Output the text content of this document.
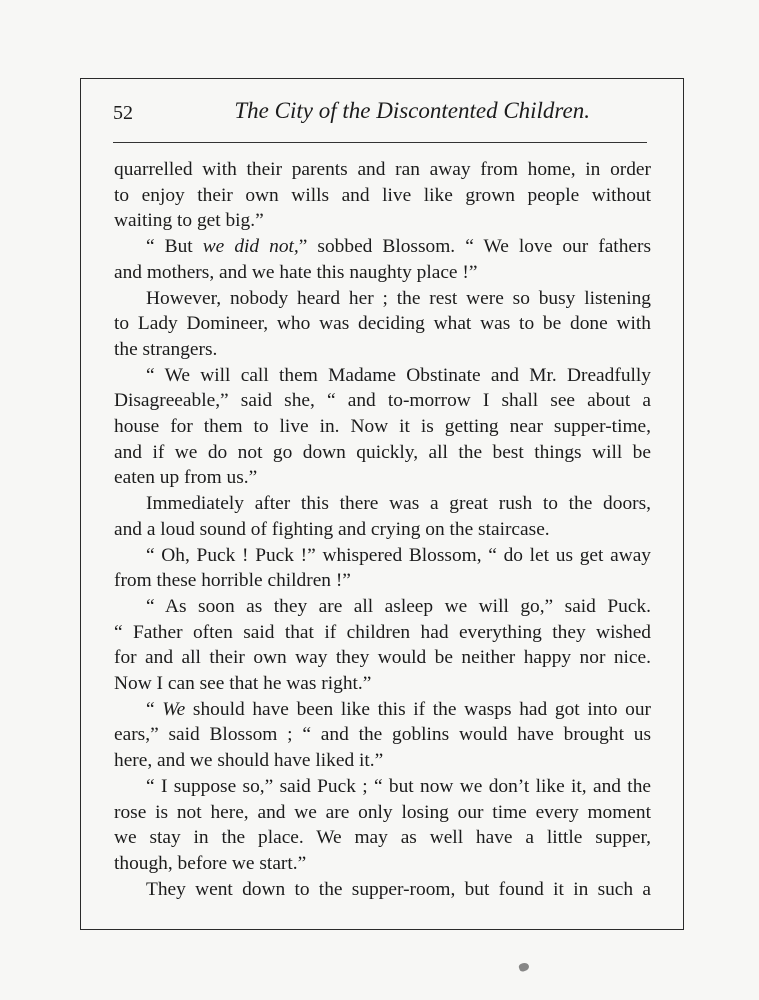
52	The City of the Discontented Children.

quarrelled with their parents and ran away from home, in order

to enjoy their own wills and live like grown people without

waiting to get big.”

“ But we did not,” sobbed Blossom. “ We love our fathers

and mothers, and we hate this naughty place !”

However, nobody heard her ; the rest were so busy listening

to Lady Domineer, who was deciding what was to be done with

the strangers.

“ We will call them Madame Obstinate and Mr. Dreadfully

Disagreeable,” said she, “ and to-morrow I shall see about a

house for them to live in. Now it is getting near supper-time,

and if we do not go down quickly, all the best things will be

eaten up from us.”

Immediately after this there was a great rush to the doors,

and a loud sound of fighting and crying on the staircase.

“ Oh, Puck ! Puck !” whispered Blossom, “ do let us get away

from these horrible children !”

“ As soon as they are all asleep we will go,” said Puck.

“ Father often said that if children had everything they wished

for and all their own way they would be neither happy nor nice.

Now I can see that he was right.”

“ We should have been like this if the wasps had got into our

ears,” said Blossom ; “ and the goblins would have brought us

here, and we should have liked it.”

“ I suppose so,” said Puck ; “ but now we don’t like it, and the

rose is not here, and we are only losing our time every moment

we stay in the place. We may as well have a little supper,

though, before we start.”

They went down to the supper-room, but found it in such a
